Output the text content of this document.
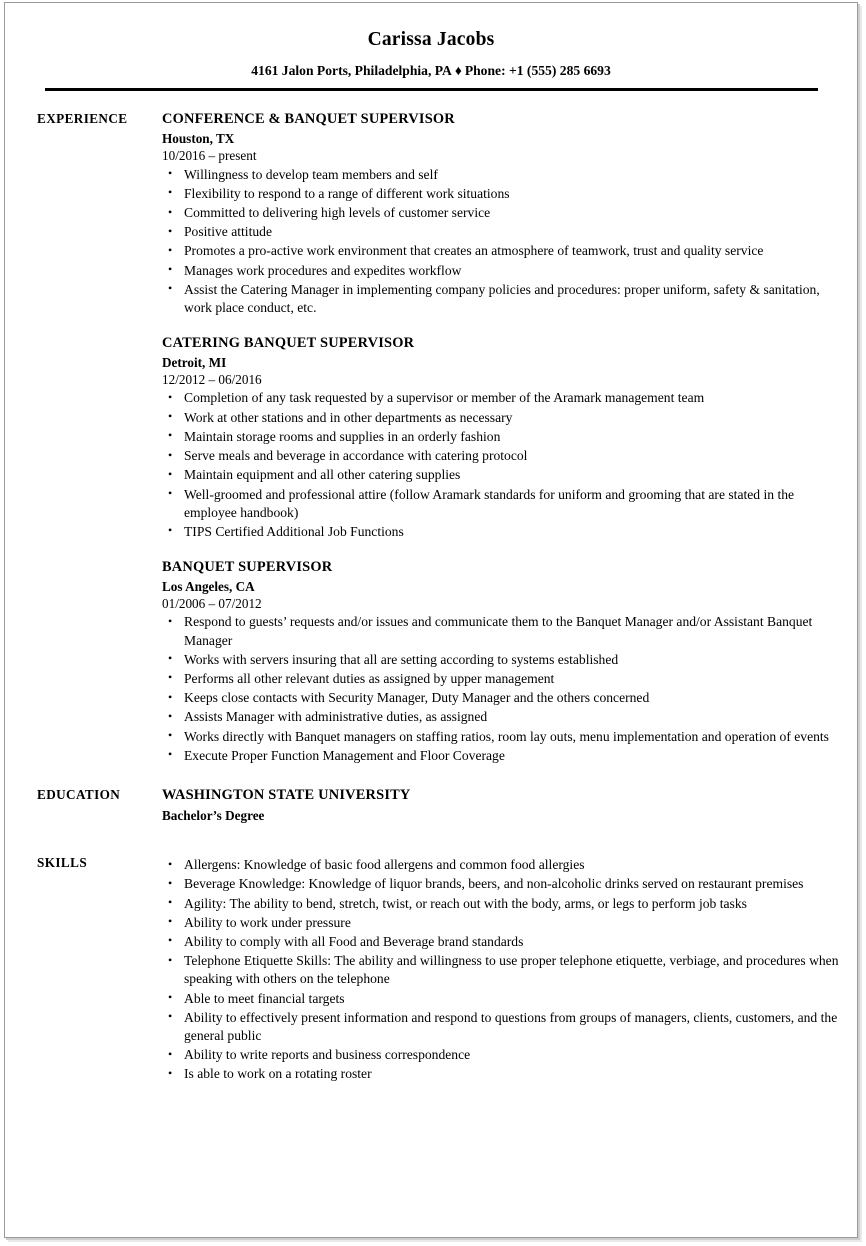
Carissa Jacobs
4161 Jalon Ports, Philadelphia, PA ♦ Phone: +1 (555) 285 6693
EXPERIENCE	CONFERENCE & BANQUET SUPERVISOR
Houston, TX
10/2016 – present
• Willingness to develop team members and self
• Flexibility to respond to a range of different work situations
• Committed to delivering high levels of customer service
• Positive attitude
• Promotes a pro-active work environment that creates an atmosphere of teamwork, trust and quality service
• Manages work procedures and expedites workflow
• Assist the Catering Manager in implementing company policies and procedures: proper uniform, safety & sanitation, work place conduct, etc.
CATERING BANQUET SUPERVISOR
Detroit, MI
12/2012 – 06/2016
• Completion of any task requested by a supervisor or member of the Aramark management team
• Work at other stations and in other departments as necessary
• Maintain storage rooms and supplies in an orderly fashion
• Serve meals and beverage in accordance with catering protocol
• Maintain equipment and all other catering supplies
• Well-groomed and professional attire (follow Aramark standards for uniform and grooming that are stated in the employee handbook)
• TIPS Certified Additional Job Functions
BANQUET SUPERVISOR
Los Angeles, CA
01/2006 – 07/2012
• Respond to guests’ requests and/or issues and communicate them to the Banquet Manager and/or Assistant Banquet Manager
• Works with servers insuring that all are setting according to systems established
• Performs all other relevant duties as assigned by upper management
• Keeps close contacts with Security Manager, Duty Manager and the others concerned
• Assists Manager with administrative duties, as assigned
• Works directly with Banquet managers on staffing ratios, room lay outs, menu implementation and operation of events
• Execute Proper Function Management and Floor Coverage
EDUCATION	WASHINGTON STATE UNIVERSITY
Bachelor’s Degree
SKILLS	• Allergens: Knowledge of basic food allergens and common food allergies
• Beverage Knowledge: Knowledge of liquor brands, beers, and non-alcoholic drinks served on restaurant premises
• Agility: The ability to bend, stretch, twist, or reach out with the body, arms, or legs to perform job tasks
• Ability to work under pressure
• Ability to comply with all Food and Beverage brand standards
• Telephone Etiquette Skills: The ability and willingness to use proper telephone etiquette, verbiage, and procedures when speaking with others on the telephone
• Able to meet financial targets
• Ability to effectively present information and respond to questions from groups of managers, clients, customers, and the general public
• Ability to write reports and business correspondence
• Is able to work on a rotating roster
